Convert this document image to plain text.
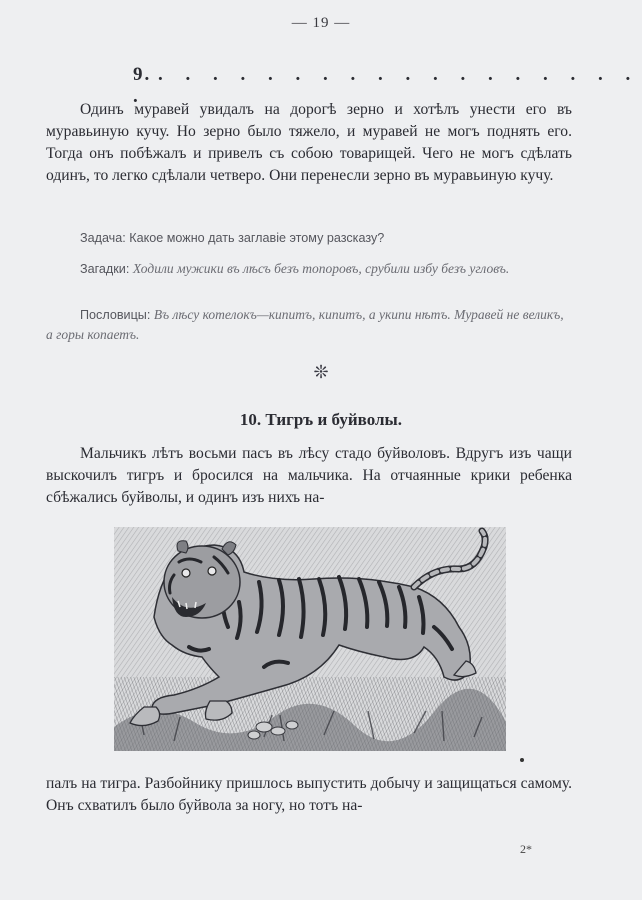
— 19 —
9. . . . . . . . . . . . . . . . . . . .

Одинъ муравей увидалъ на дорогѣ зерно и хотѣлъ унести его въ муравьиную кучу. Но зерно было тяжело, и муравей не могъ поднять его. Тогда онъ побѣжалъ и привелъ съ собою товарищей. Чего не могъ сдѣлать одинъ, то легко сдѣлали четверо. Они перенесли зерно въ муравьиную кучу.

Задача: Какое можно дать заглавіе этому разсказу?

Загадки: Ходили мужики въ лѣсъ безъ топоровъ, срубили избу безъ угловъ.

Пословицы: Въ лѣсу котелокъ—кипитъ, кипитъ, а укипи нѣтъ. Муравей не великъ, а горы копаетъ.

❊
10. Тигръ и буйволы.

Мальчикъ лѣтъ восьми пасъ въ лѣсу стадо буйволовъ. Вдругъ изъ чащи выскочилъ тигръ и бросился на мальчика. На отчаянные крики ребенка сбѣжались буйволы, и одинъ изъ нихъ на-

палъ на тигра. Разбойнику пришлось выпустить добычу и защищаться самому. Онъ схватилъ было буйвола за ногу, но тотъ на-

2*
